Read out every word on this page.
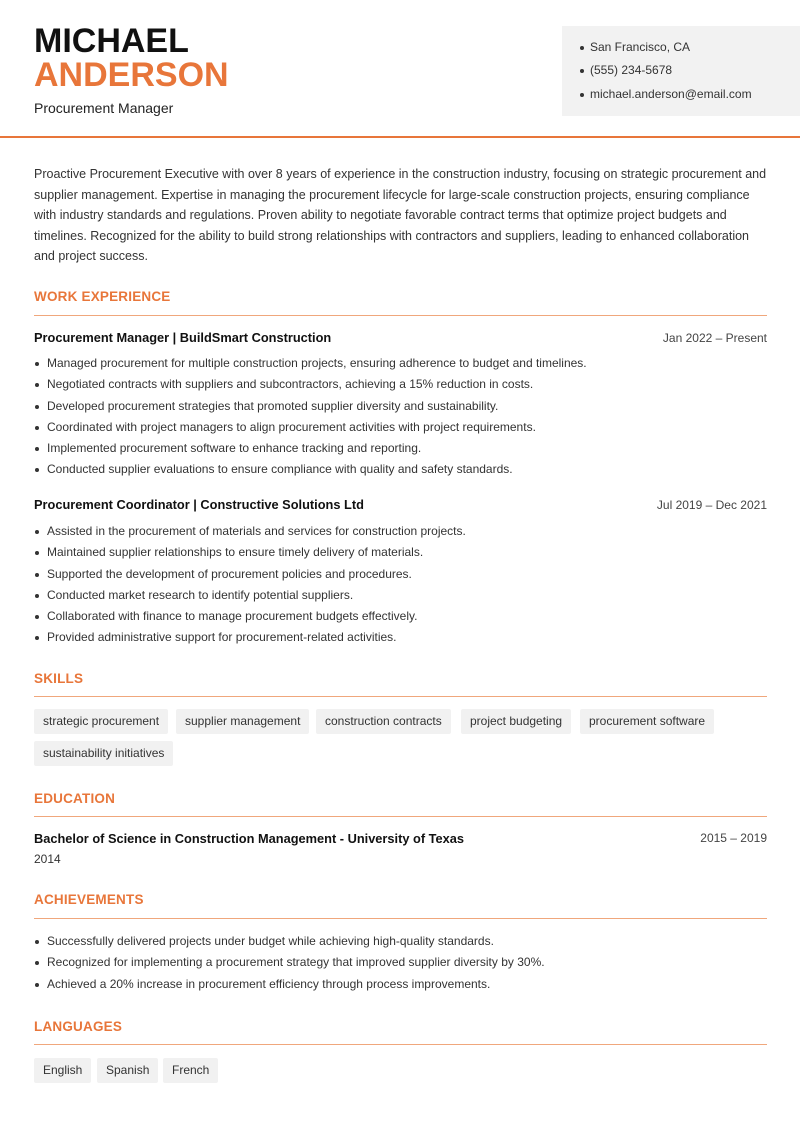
MICHAEL
ANDERSON
Procurement Manager
San Francisco, CA
(555) 234-5678
michael.anderson@email.com

Proactive Procurement Executive with over 8 years of experience in the construction industry, focusing on strategic procurement and supplier management. Expertise in managing the procurement lifecycle for large-scale construction projects, ensuring compliance with industry standards and regulations. Proven ability to negotiate favorable contract terms that optimize project budgets and timelines. Recognized for the ability to build strong relationships with contractors and suppliers, leading to enhanced collaboration and project success.

WORK EXPERIENCE
Procurement Manager | BuildSmart Construction	Jan 2022 – Present
Managed procurement for multiple construction projects, ensuring adherence to budget and timelines.
Negotiated contracts with suppliers and subcontractors, achieving a 15% reduction in costs.
Developed procurement strategies that promoted supplier diversity and sustainability.
Coordinated with project managers to align procurement activities with project requirements.
Implemented procurement software to enhance tracking and reporting.
Conducted supplier evaluations to ensure compliance with quality and safety standards.
Procurement Coordinator | Constructive Solutions Ltd	Jul 2019 – Dec 2021
Assisted in the procurement of materials and services for construction projects.
Maintained supplier relationships to ensure timely delivery of materials.
Supported the development of procurement policies and procedures.
Conducted market research to identify potential suppliers.
Collaborated with finance to manage procurement budgets effectively.
Provided administrative support for procurement-related activities.
SKILLS
strategic procurement	supplier management	construction contracts	project budgeting	procurement software
sustainability initiatives
EDUCATION
Bachelor of Science in Construction Management - University of Texas	2015 – 2019
2014
ACHIEVEMENTS
Successfully delivered projects under budget while achieving high-quality standards.
Recognized for implementing a procurement strategy that improved supplier diversity by 30%.
Achieved a 20% increase in procurement efficiency through process improvements.
LANGUAGES
English	Spanish	French
